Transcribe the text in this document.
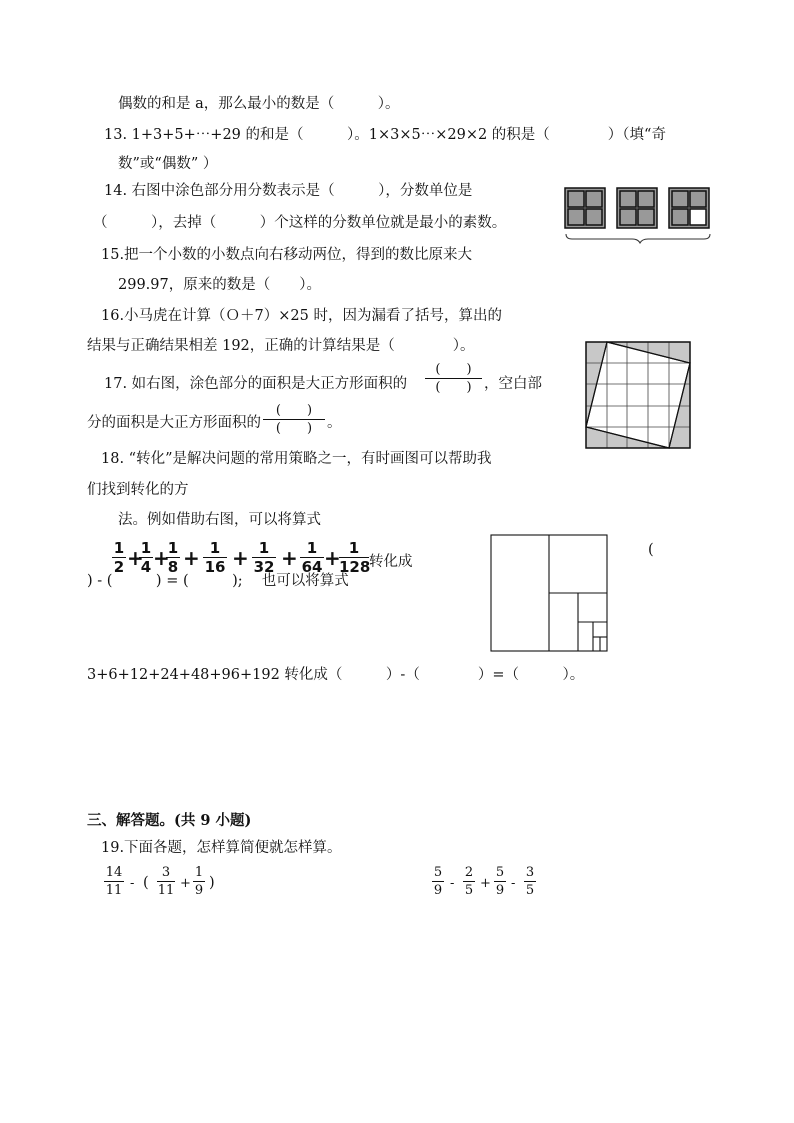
偶数的和是 a，那么最小的数是（　　　）。
13. 1+3+5+⋯+29 的和是（　　　）。1×3×5⋯×29×2 的积是（　　　　）（填“奇
数”或“偶数” ）
14. 右图中涂色部分用分数表示是（　　　），分数单位是
（　　　），去掉（　　　）个这样的分数单位就是最小的素数。
15.把一个小数的小数点向右移动两位，得到的数比原来大
299.97，原来的数是（　　）。
16.小马虎在计算（Ｏ＋7）×25 时，因为漏看了括号，算出的
结果与正确结果相差 192，正确的计算结果是（　　　　）。
17. 如右图，涂色部分的面积是大正方形面积的
(　　)
(　　) ，空白部
分的面积是大正方形面积的
(　　)
(　　)	。
18. “转化”是解决问题的常用策略之一，有时画图可以帮助我
们找到转化的方
法。例如借助右图，可以将算式
1
2 +
1
4 +
1
8 + 1
16 + 1
32 + 1
64 + 1
128
转化成
(
) - (　　　) = (　　　);　 也可以将算式
3+6+12+24+48+96+192 转化成（　　　）-（　　　　）=（　　　）。
三、解答题。(共 9 小题)
19.下面各题，怎样算简便就怎样算。
14
11 - (
3
11 +
1
9 )
5
9 -
2
5 +
5
9 -
3
5
